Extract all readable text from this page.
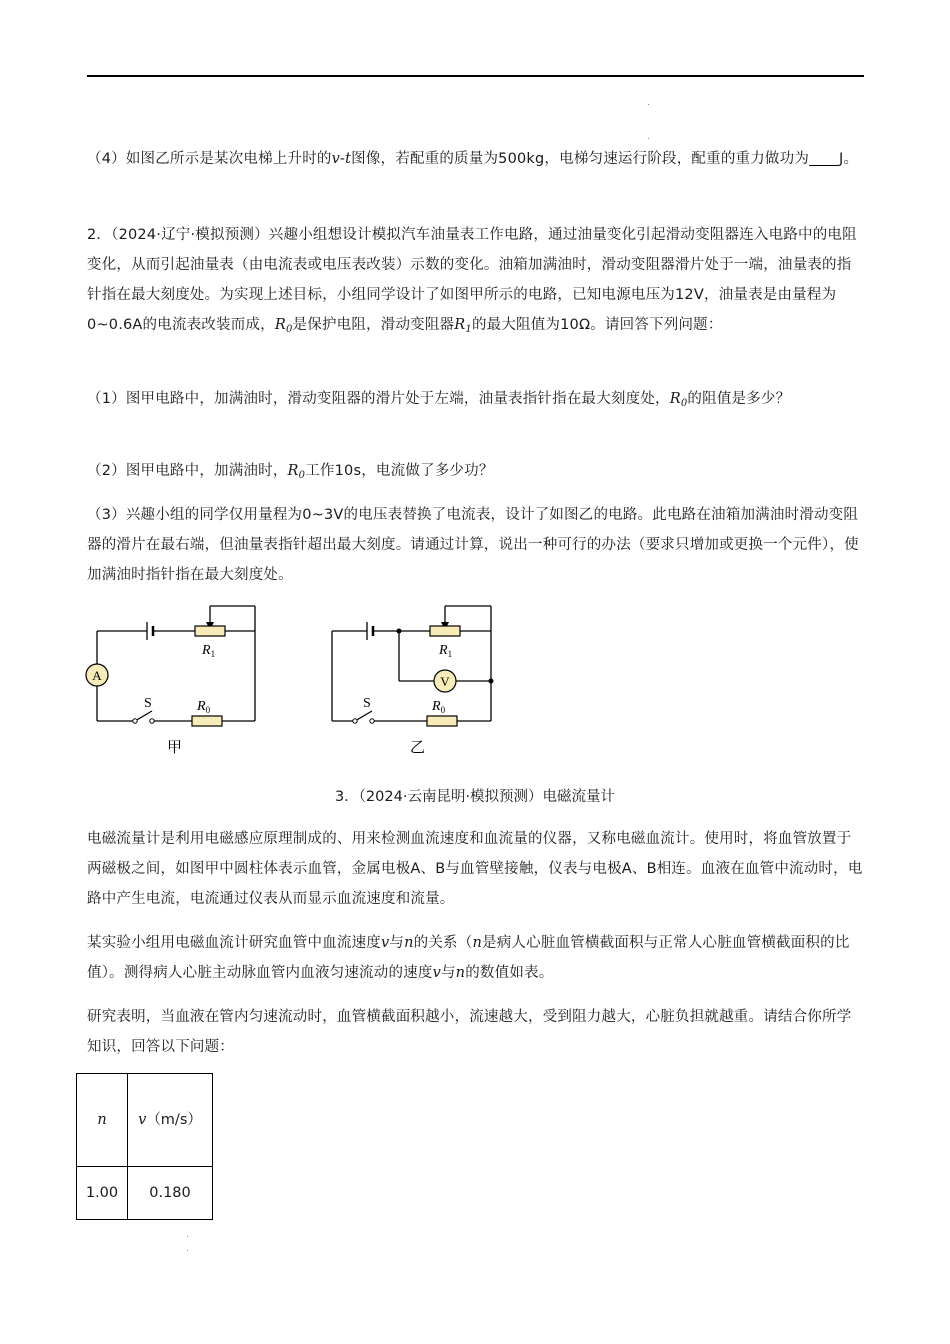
（4）如图乙所示是某次电梯上升时的v-t图像，若配重的质量为500kg，电梯匀速运行阶段，配重的重力做功为 J。

2．（2024·辽宁·模拟预测）兴趣小组想设计模拟汽车油量表工作电路，通过油量变化引起滑动变阻器连入电路中的电阻变化，从而引起油量表（由电流表或电压表改装）示数的变化。油箱加满油时，滑动变阻器滑片处于一端，油量表的指针指在最大刻度处。为实现上述目标，小组同学设计了如图甲所示的电路，已知电源电压为12V，油量表是由量程为0~0.6A的电流表改装而成，$R_0$是保护电阻，滑动变阻器$R_1$的最大阻值为10Ω。请回答下列问题：

（1）图甲电路中，加满油时，滑动变阻器的滑片处于左端，油量表指针指在最大刻度处，$R_0$的阻值是多少？

（2）图甲电路中，加满油时，$R_0$工作10s，电流做了多少功？

（3）兴趣小组的同学仅用量程为0~3V的电压表替换了电流表，设计了如图乙的电路。此电路在油箱加满油时滑动变阻器的滑片在最右端，但油量表指针超出最大刻度。请通过计算，说出一种可行的办法（要求只增加或更换一个元件），使加满油时指针指在最大刻度处。

A
$R_1$
$R_0$
S
甲
V
$R_1$
$R_0$
S
乙
3．（2024·云南昆明·模拟预测）电磁流量计

电磁流量计是利用电磁感应原理制成的、用来检测血流速度和血流量的仪器，又称电磁血流计。使用时，将血管放置于两磁极之间，如图甲中圆柱体表示血管，金属电极A、B与血管壁接触，仪表与电极A、B相连。血液在血管中流动时，电路中产生电流，电流通过仪表从而显示血流速度和流量。

某实验小组用电磁血流计研究血管中血流速度v与n的关系（n是病人心脏血管横截面积与正常人心脏血管横截面积的比值）。测得病人心脏主动脉血管内血液匀速流动的速度v与n的数值如表。

研究表明，当血液在管内匀速流动时，血管横截面积越小，流速越大，受到阻力越大，心脏负担就越重。请结合你所学知识，回答以下问题：

n	v（m/s）
1.00	0.180
